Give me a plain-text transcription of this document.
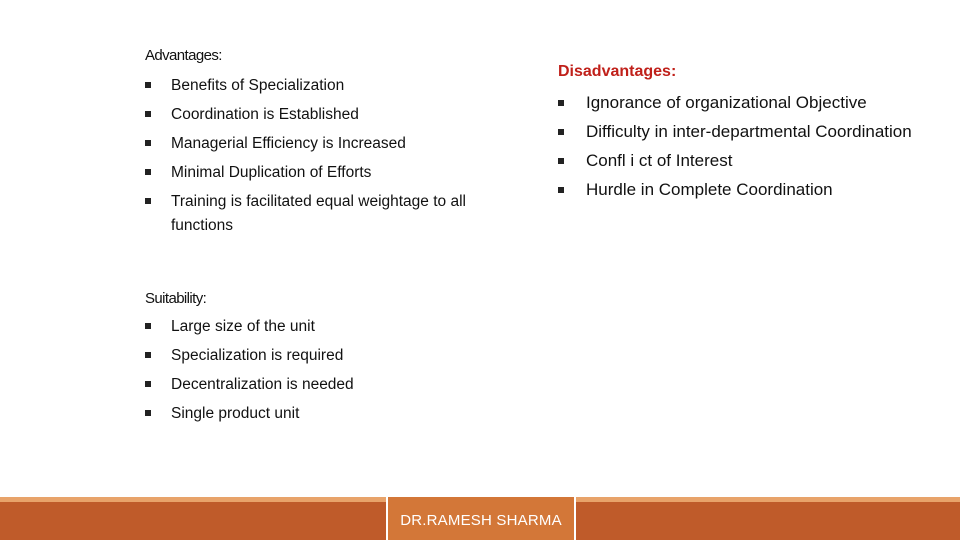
Advantages:

Benefits of Specialization
Coordination is Established
Managerial Efficiency is Increased
Minimal Duplication of Efforts
Training is facilitated equal weightage to all functions

Suitability:

Large size of the unit
Specialization is required
Decentralization is needed
Single product unit

Disadvantages:

Ignorance of organizational Objective
Difficulty in inter-departmental Coordination
Confl i ct of Interest
Hurdle in Complete Coordination
DR.RAMESH SHARMA
